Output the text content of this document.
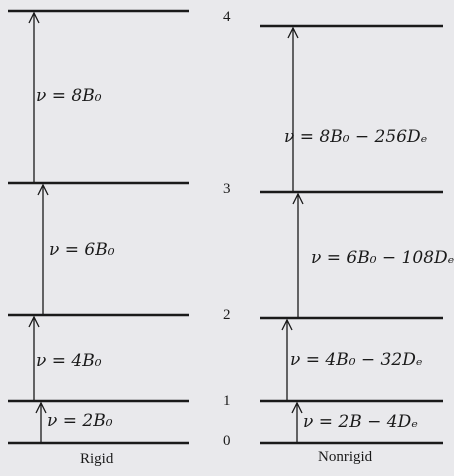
4
3
2
1
0
ν = 8B₀
ν = 6B₀
ν = 4B₀
ν = 2B₀
ν = 8B₀ − 256Dₑ
ν = 6B₀ − 108Dₑ
ν = 4B₀ − 32Dₑ
ν = 2B − 4Dₑ
Rigid	Nonrigid
